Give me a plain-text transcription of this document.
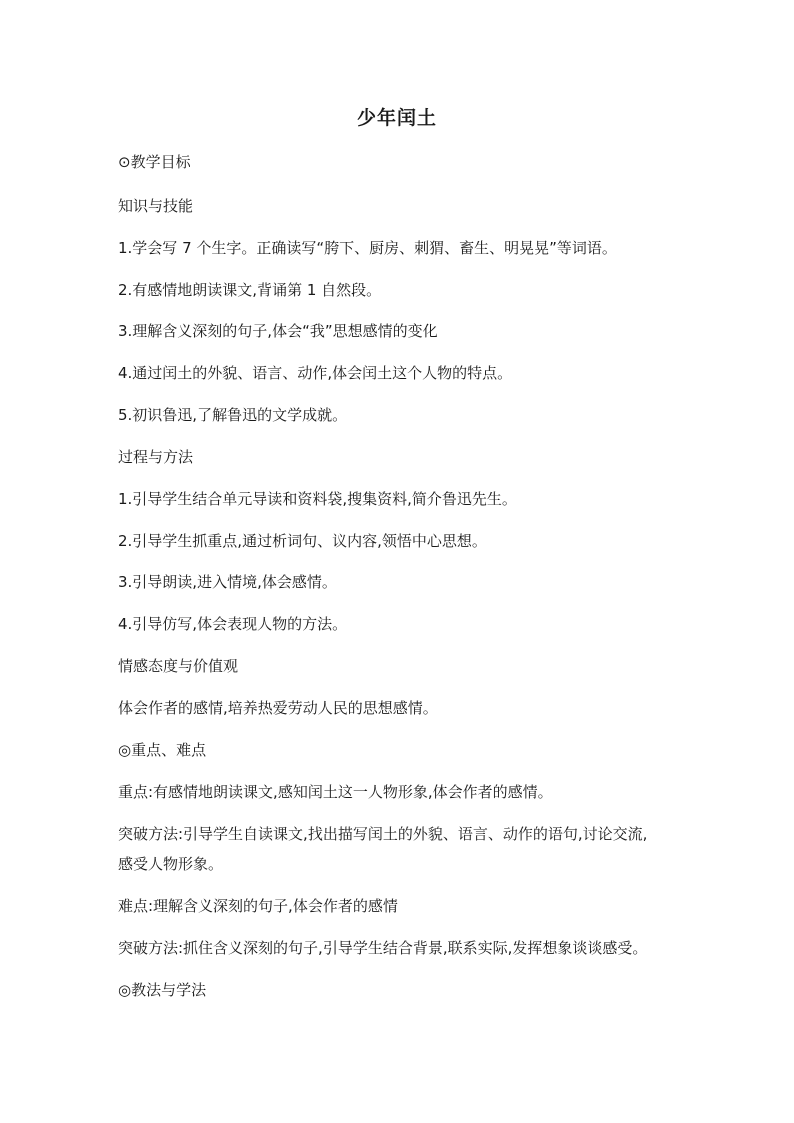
少年闰土
⊙教学目标
知识与技能
1.学会写 7 个生字。正确读写“胯下、厨房、刺猬、畜生、明晃晃”等词语。
2.有感情地朗读课文,背诵第 1 自然段。
3.理解含义深刻的句子,体会“我”思想感情的变化
4.通过闰土的外貌、语言、动作,体会闰土这个人物的特点。
5.初识鲁迅,了解鲁迅的文学成就。
过程与方法
1.引导学生结合单元导读和资料袋,搜集资料,简介鲁迅先生。
2.引导学生抓重点,通过析词句、议内容,领悟中心思想。
3.引导朗读,进入情境,体会感情。
4.引导仿写,体会表现人物的方法。
情感态度与价值观
体会作者的感情,培养热爱劳动人民的思想感情。
◎重点、难点
重点:有感情地朗读课文,感知闰土这一人物形象,体会作者的感情。
突破方法:引导学生自读课文,找出描写闰土的外貌、语言、动作的语句,讨论交流,
感受人物形象。
难点:理解含义深刻的句子,体会作者的感情
突破方法:抓住含义深刻的句子,引导学生结合背景,联系实际,发挥想象谈谈感受。
◎教法与学法
